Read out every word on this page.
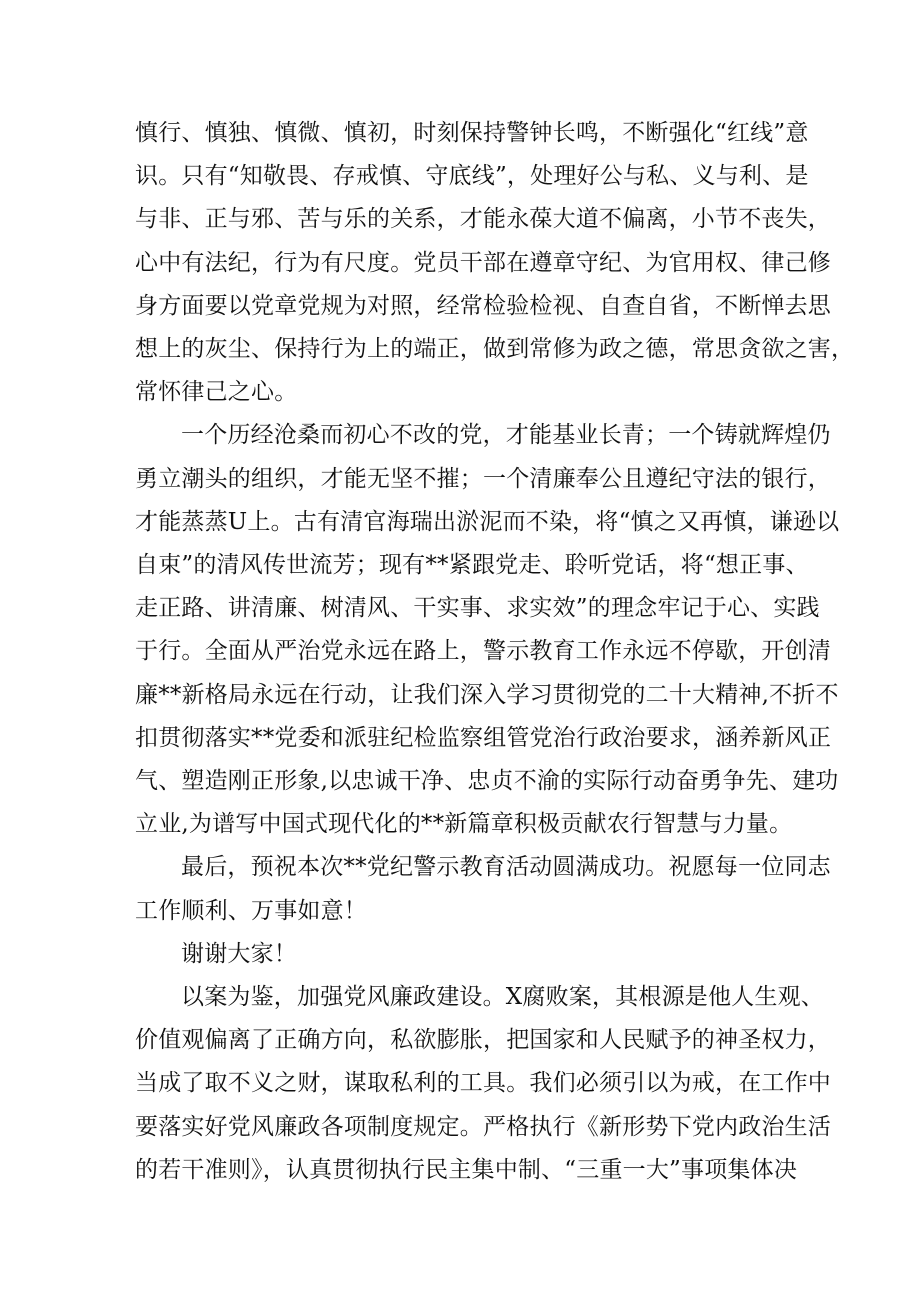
慎行、慎独、慎微、慎初，时刻保持警钟长鸣，不断强化“红线”意
识。只有“知敬畏、存戒慎、守底线”，处理好公与私、义与利、是
与非、正与邪、苦与乐的关系，才能永葆大道不偏离，小节不丧失，
心中有法纪，行为有尺度。党员干部在遵章守纪、为官用权、律己修
身方面要以党章党规为对照，经常检验检视、自查自省，不断惮去思
想上的灰尘、保持行为上的端正，做到常修为政之德，常思贪欲之害，
常怀律己之心。

一个历经沧桑而初心不改的党，才能基业长青；一个铸就辉煌仍
勇立潮头的组织，才能无坚不摧；一个清廉奉公且遵纪守法的银行，
才能蒸蒸U上。古有清官海瑞出淤泥而不染，将“慎之又再慎，谦逊以
自束”的清风传世流芳；现有**紧跟党走、聆听党话，将“想正事、
走正路、讲清廉、树清风、干实事、求实效”的理念牢记于心、实践
于行。全面从严治党永远在路上，警示教育工作永远不停歇，开创清
廉**新格局永远在行动，让我们深入学习贯彻党的二十大精神,不折不
扣贯彻落实**党委和派驻纪检监察组管党治行政治要求，涵养新风正
气、塑造刚正形象,以忠诚干净、忠贞不渝的实际行动奋勇争先、建功
立业,为谱写中国式现代化的**新篇章积极贡献农行智慧与力量。

最后，预祝本次**党纪警示教育活动圆满成功。祝愿每一位同志
工作顺利、万事如意！

谢谢大家！

以案为鉴，加强党风廉政建设。X腐败案，其根源是他人生观、
价值观偏离了正确方向，私欲膨胀，把国家和人民赋予的神圣权力，
当成了取不义之财，谋取私利的工具。我们必须引以为戒，在工作中
要落实好党风廉政各项制度规定。严格执行《新形势下党内政治生活
的若干准则》，认真贯彻执行民主集中制、“三重一大”事项集体决
